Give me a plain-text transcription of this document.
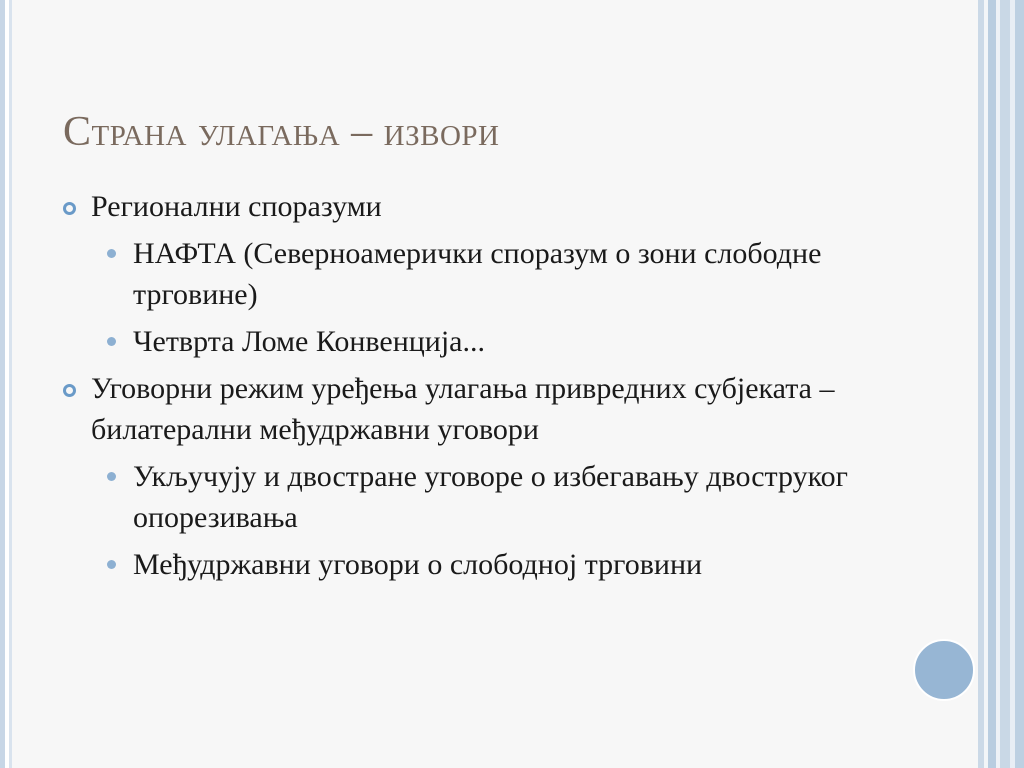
Страна улагања – извори
Регионални споразуми
НАФТА (Северноамерички споразум о зони слободне трговине)
Четврта Ломе Конвенција...
Уговорни режим уређења улагања привредних субјеката – билатерални међудржавни уговори
Укључују и двостране уговоре о избегавању двоструког опорезивања
Међудржавни уговори о слободној трговини
